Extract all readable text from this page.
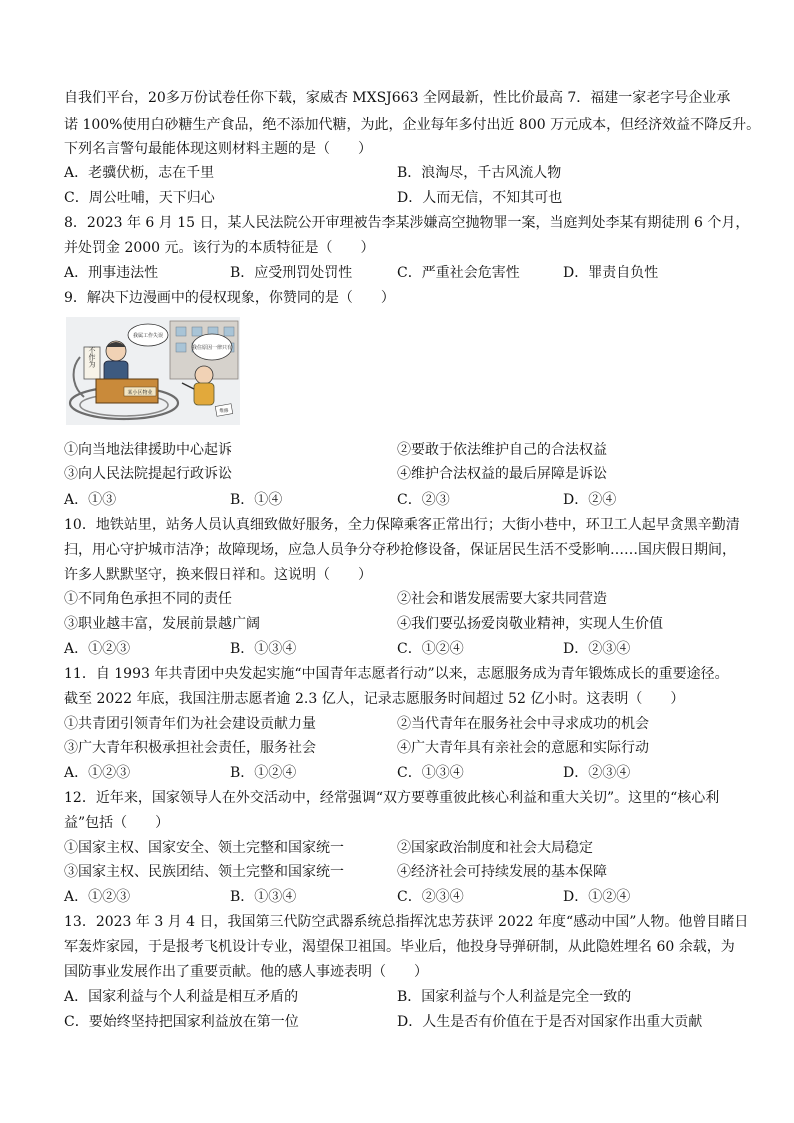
自我们平台，20多万份试卷任你下载，家威杏 MXSJ663 全网最新，性比价最高 7．福建一家老字号企业承
诺 100%使用白砂糖生产食品，绝不添加代糖，为此，企业每年多付出近 800 万元成本，但经济效益不降反升。
下列名言警句最能体现这则材料主题的是（　　）
A．老骥伏枥，志在千里	B．浪淘尽，千古风流人物
C．周公吐哺，天下归心	D．人而无信，不知其可也
8．2023 年 6 月 15 日，某人民法院公开审理被告李某涉嫌高空抛物罪一案，当庭判处李某有期徒刑 6 个月，
并处罚金 2000 元。该行为的本质特征是（　　）
A．刑事违法性	B．应受刑罚处罚性	C．严重社会危害性	D．罪责自负性
9．解决下边漫画中的侵权现象，你赞同的是（　　）
不作为
某小区物业
我属工作失误
我住原因一律只有
维修
①向当地法律援助中心起诉	②要敢于依法维护自己的合法权益
③向人民法院提起行政诉讼	④维护合法权益的最后屏障是诉讼
A．①③	B．①④	C．②③	D．②④
10．地铁站里，站务人员认真细致做好服务，全力保障乘客正常出行；大街小巷中，环卫工人起早贪黑辛勤清
扫，用心守护城市洁净；故障现场，应急人员争分夺秒抢修设备，保证居民生活不受影响……国庆假日期间，
许多人默默坚守，换来假日祥和。这说明（　　）
①不同角色承担不同的责任	②社会和谐发展需要大家共同营造
③职业越丰富，发展前景越广阔	④我们要弘扬爱岗敬业精神，实现人生价值
A．①②③	B．①③④	C．①②④	D．②③④
11．自 1993 年共青团中央发起实施“中国青年志愿者行动”以来，志愿服务成为青年锻炼成长的重要途径。
截至 2022 年底，我国注册志愿者逾 2.3 亿人，记录志愿服务时间超过 52 亿小时。这表明（　　）
①共青团引领青年们为社会建设贡献力量	②当代青年在服务社会中寻求成功的机会
③广大青年积极承担社会责任，服务社会	④广大青年具有亲社会的意愿和实际行动
A．①②③	B．①②④	C．①③④	D．②③④
12．近年来，国家领导人在外交活动中，经常强调“双方要尊重彼此核心利益和重大关切”。这里的“核心利
益”包括（　　）
①国家主权、国家安全、领土完整和国家统一	②国家政治制度和社会大局稳定
③国家主权、民族团结、领土完整和国家统一	④经济社会可持续发展的基本保障
A．①②③	B．①③④	C．②③④	D．①②④
13．2023 年 3 月 4 日，我国第三代防空武器系统总指挥沈忠芳获评 2022 年度“感动中国”人物。他曾目睹日
军轰炸家园，于是报考飞机设计专业，渴望保卫祖国。毕业后，他投身导弹研制，从此隐姓埋名 60 余载，为
国防事业发展作出了重要贡献。他的感人事迹表明（　　）
A．国家利益与个人利益是相互矛盾的	B．国家利益与个人利益是完全一致的
C．要始终坚持把国家利益放在第一位	D．人生是否有价值在于是否对国家作出重大贡献
